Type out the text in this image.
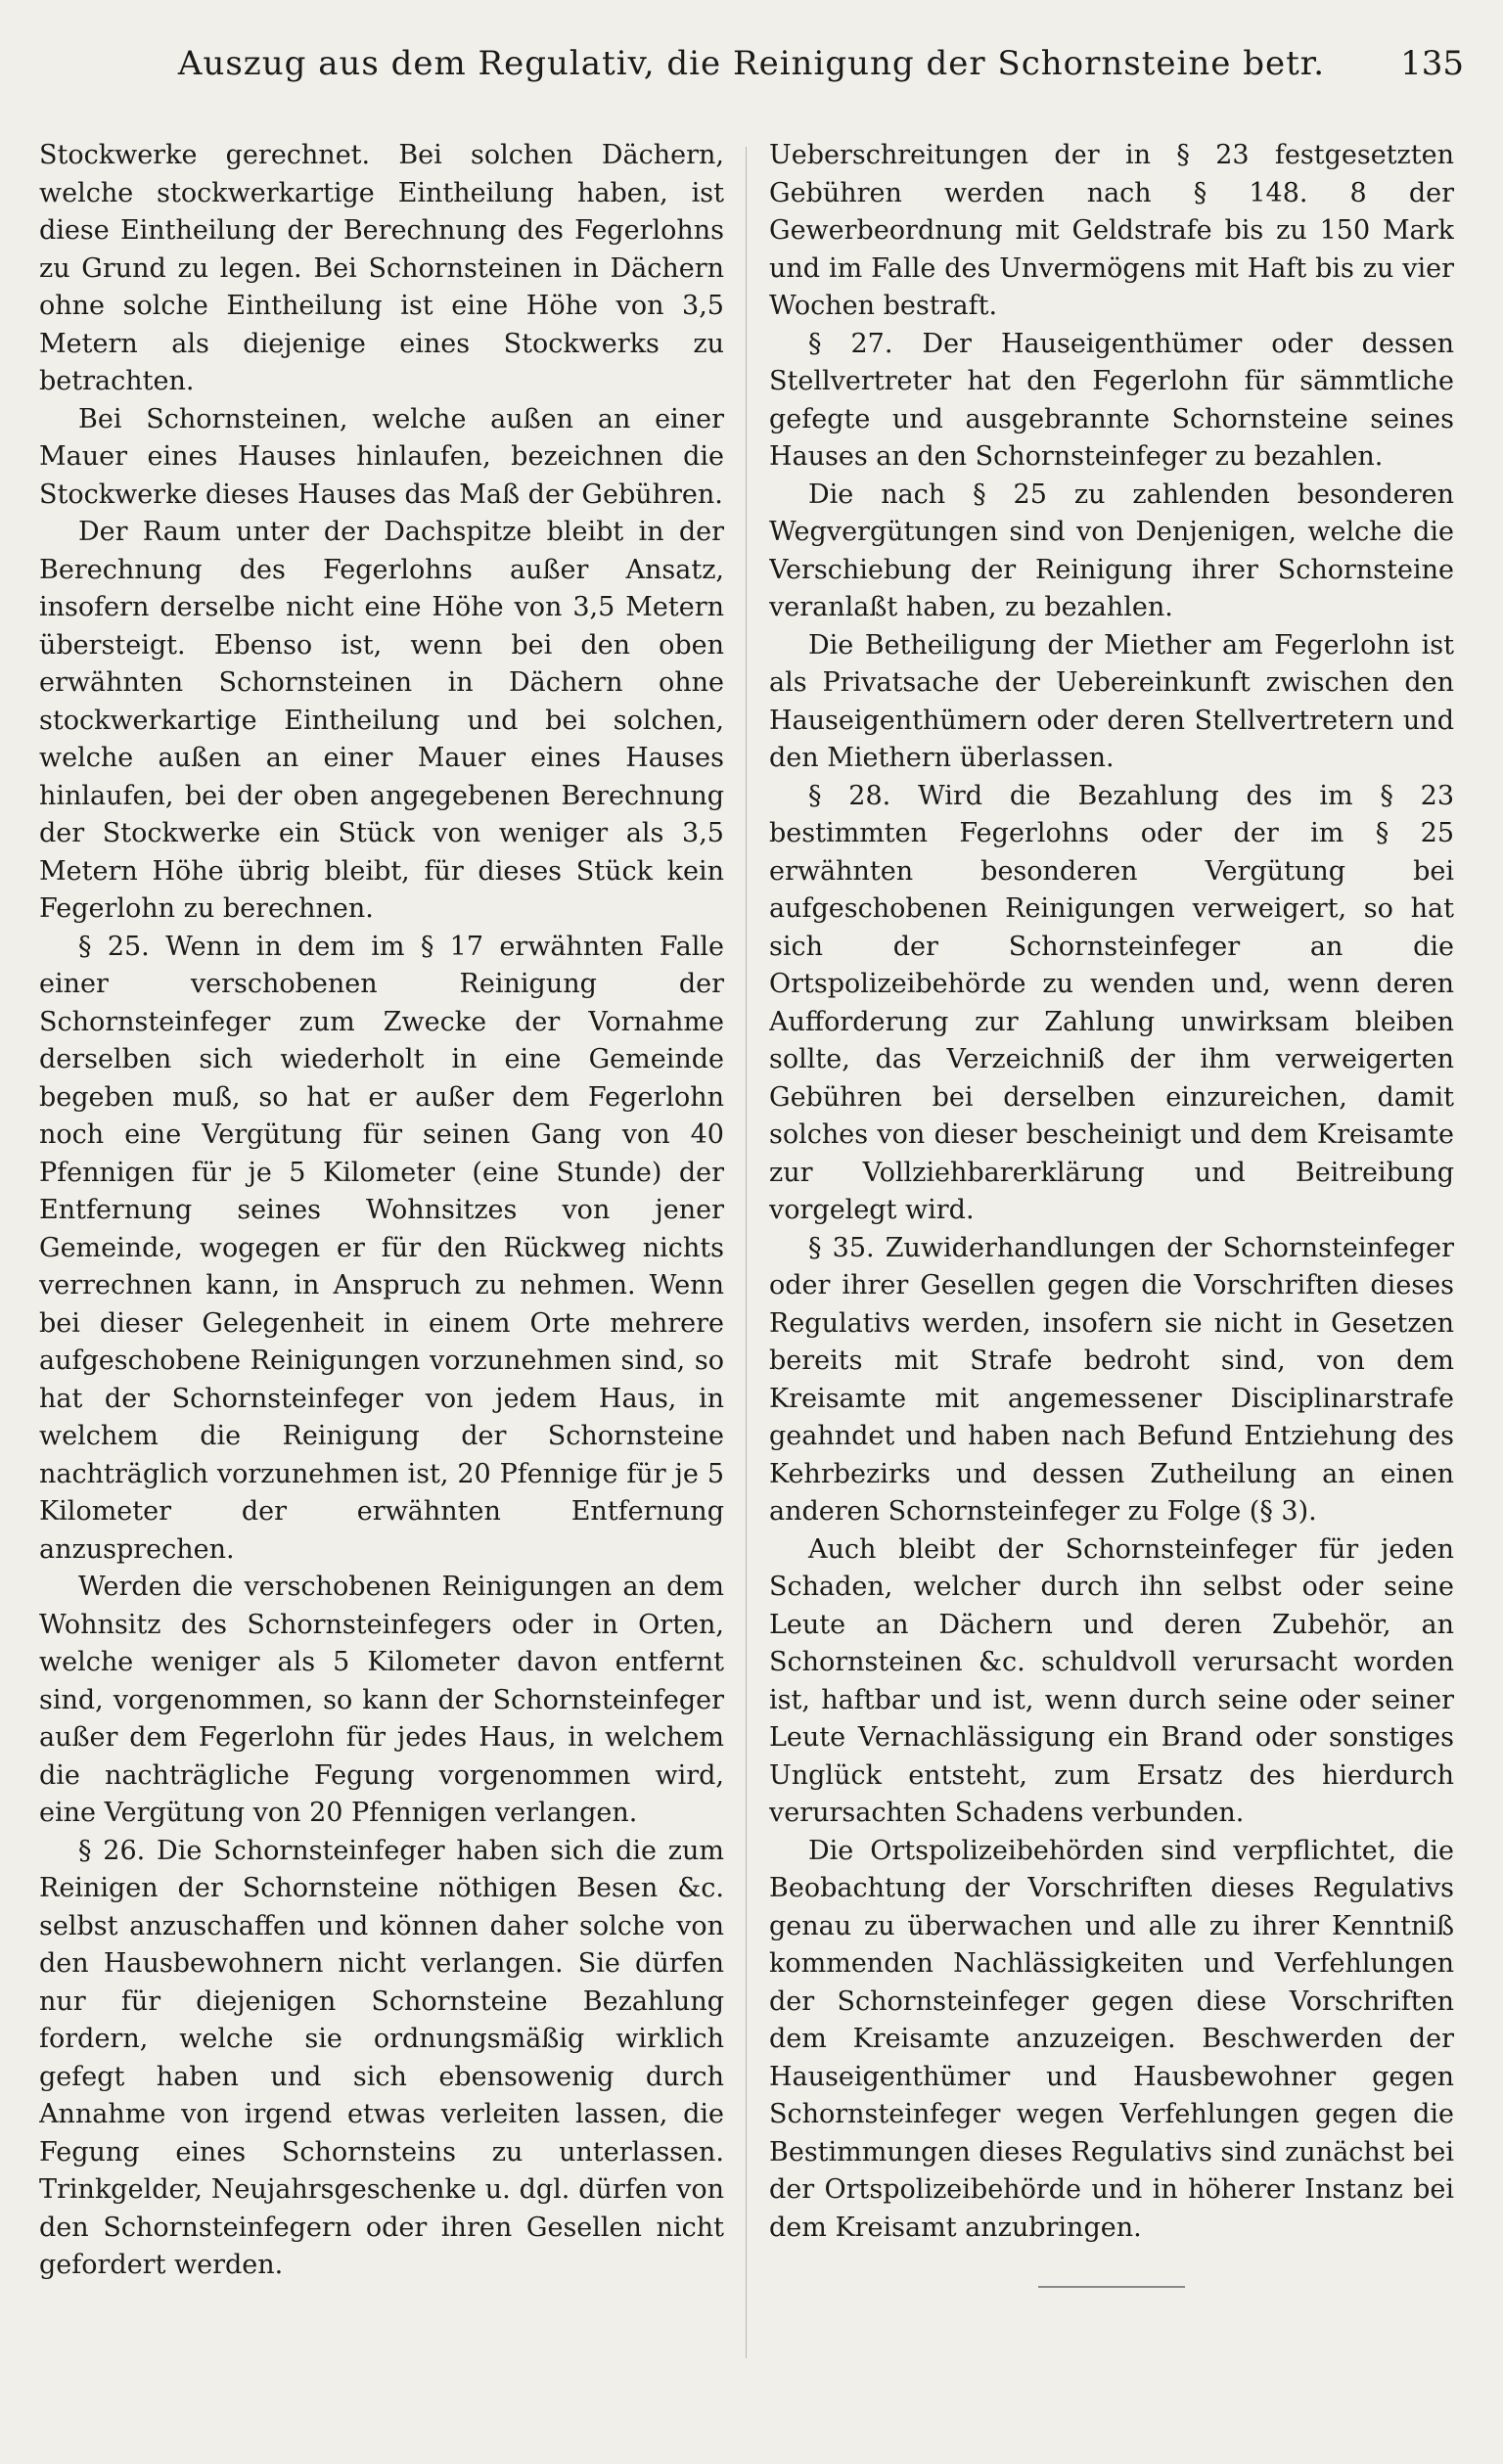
Auszug aus dem Regulativ, die Reinigung der Schornsteine betr.	135

Stockwerke gerechnet. Bei solchen Dächern, welche stockwerkartige Eintheilung haben, ist diese Eintheilung der Berechnung des Fegerlohns zu Grund zu legen. Bei Schornsteinen in Dächern ohne solche Eintheilung ist eine Höhe von 3,5 Metern als diejenige eines Stockwerks zu betrachten.

Bei Schornsteinen, welche außen an einer Mauer eines Hauses hinlaufen, bezeichnen die Stockwerke dieses Hauses das Maß der Gebühren.

Der Raum unter der Dachspitze bleibt in der Berechnung des Fegerlohns außer Ansatz, insofern derselbe nicht eine Höhe von 3,5 Metern übersteigt. Ebenso ist, wenn bei den oben erwähnten Schornsteinen in Dächern ohne stockwerkartige Eintheilung und bei solchen, welche außen an einer Mauer eines Hauses hinlaufen, bei der oben angegebenen Berechnung der Stockwerke ein Stück von weniger als 3,5 Metern Höhe übrig bleibt, für dieses Stück kein Fegerlohn zu berechnen.

§ 25. Wenn in dem im § 17 erwähnten Falle einer verschobenen Reinigung der Schornsteinfeger zum Zwecke der Vornahme derselben sich wiederholt in eine Gemeinde begeben muß, so hat er außer dem Fegerlohn noch eine Vergütung für seinen Gang von 40 Pfennigen für je 5 Kilometer (eine Stunde) der Entfernung seines Wohnsitzes von jener Gemeinde, wogegen er für den Rückweg nichts verrechnen kann, in Anspruch zu nehmen. Wenn bei dieser Gelegenheit in einem Orte mehrere aufgeschobene Reinigungen vorzunehmen sind, so hat der Schornsteinfeger von jedem Haus, in welchem die Reinigung der Schornsteine nachträglich vorzunehmen ist, 20 Pfennige für je 5 Kilometer der erwähnten Entfernung anzusprechen.

Werden die verschobenen Reinigungen an dem Wohnsitz des Schornsteinfegers oder in Orten, welche weniger als 5 Kilometer davon entfernt sind, vorgenommen, so kann der Schornsteinfeger außer dem Fegerlohn für jedes Haus, in welchem die nachträgliche Fegung vorgenommen wird, eine Vergütung von 20 Pfennigen verlangen.

§ 26. Die Schornsteinfeger haben sich die zum Reinigen der Schornsteine nöthigen Besen &c. selbst anzuschaffen und können daher solche von den Hausbewohnern nicht verlangen. Sie dürfen nur für diejenigen Schornsteine Bezahlung fordern, welche sie ordnungsmäßig wirklich gefegt haben und sich ebensowenig durch Annahme von irgend etwas verleiten lassen, die Fegung eines Schornsteins zu unterlassen. Trinkgelder, Neujahrsgeschenke u. dgl. dürfen von den Schornsteinfegern oder ihren Gesellen nicht gefordert werden.

Ueberschreitungen der in § 23 festgesetzten Gebühren werden nach § 148. 8 der Gewerbeordnung mit Geldstrafe bis zu 150 Mark und im Falle des Unvermögens mit Haft bis zu vier Wochen bestraft.

§ 27. Der Hauseigenthümer oder dessen Stellvertreter hat den Fegerlohn für sämmtliche gefegte und ausgebrannte Schornsteine seines Hauses an den Schornsteinfeger zu bezahlen.

Die nach § 25 zu zahlenden besonderen Wegvergütungen sind von Denjenigen, welche die Verschiebung der Reinigung ihrer Schornsteine veranlaßt haben, zu bezahlen.

Die Betheiligung der Miether am Fegerlohn ist als Privatsache der Uebereinkunft zwischen den Hauseigenthümern oder deren Stellvertretern und den Miethern überlassen.

§ 28. Wird die Bezahlung des im § 23 bestimmten Fegerlohns oder der im § 25 erwähnten besonderen Vergütung bei aufgeschobenen Reinigungen verweigert, so hat sich der Schornsteinfeger an die Ortspolizeibehörde zu wenden und, wenn deren Aufforderung zur Zahlung unwirksam bleiben sollte, das Verzeichniß der ihm verweigerten Gebühren bei derselben einzureichen, damit solches von dieser bescheinigt und dem Kreisamte zur Vollziehbarerklärung und Beitreibung vorgelegt wird.

§ 35. Zuwiderhandlungen der Schornsteinfeger oder ihrer Gesellen gegen die Vorschriften dieses Regulativs werden, insofern sie nicht in Gesetzen bereits mit Strafe bedroht sind, von dem Kreisamte mit angemessener Disciplinarstrafe geahndet und haben nach Befund Entziehung des Kehrbezirks und dessen Zutheilung an einen anderen Schornsteinfeger zu Folge (§ 3).

Auch bleibt der Schornsteinfeger für jeden Schaden, welcher durch ihn selbst oder seine Leute an Dächern und deren Zubehör, an Schornsteinen &c. schuldvoll verursacht worden ist, haftbar und ist, wenn durch seine oder seiner Leute Vernachlässigung ein Brand oder sonstiges Unglück entsteht, zum Ersatz des hierdurch verursachten Schadens verbunden.

Die Ortspolizeibehörden sind verpflichtet, die Beobachtung der Vorschriften dieses Regulativs genau zu überwachen und alle zu ihrer Kenntniß kommenden Nachlässigkeiten und Verfehlungen der Schornsteinfeger gegen diese Vorschriften dem Kreisamte anzuzeigen. Beschwerden der Hauseigenthümer und Hausbewohner gegen Schornsteinfeger wegen Verfehlungen gegen die Bestimmungen dieses Regulativs sind zunächst bei der Ortspolizeibehörde und in höherer Instanz bei dem Kreisamt anzubringen.
